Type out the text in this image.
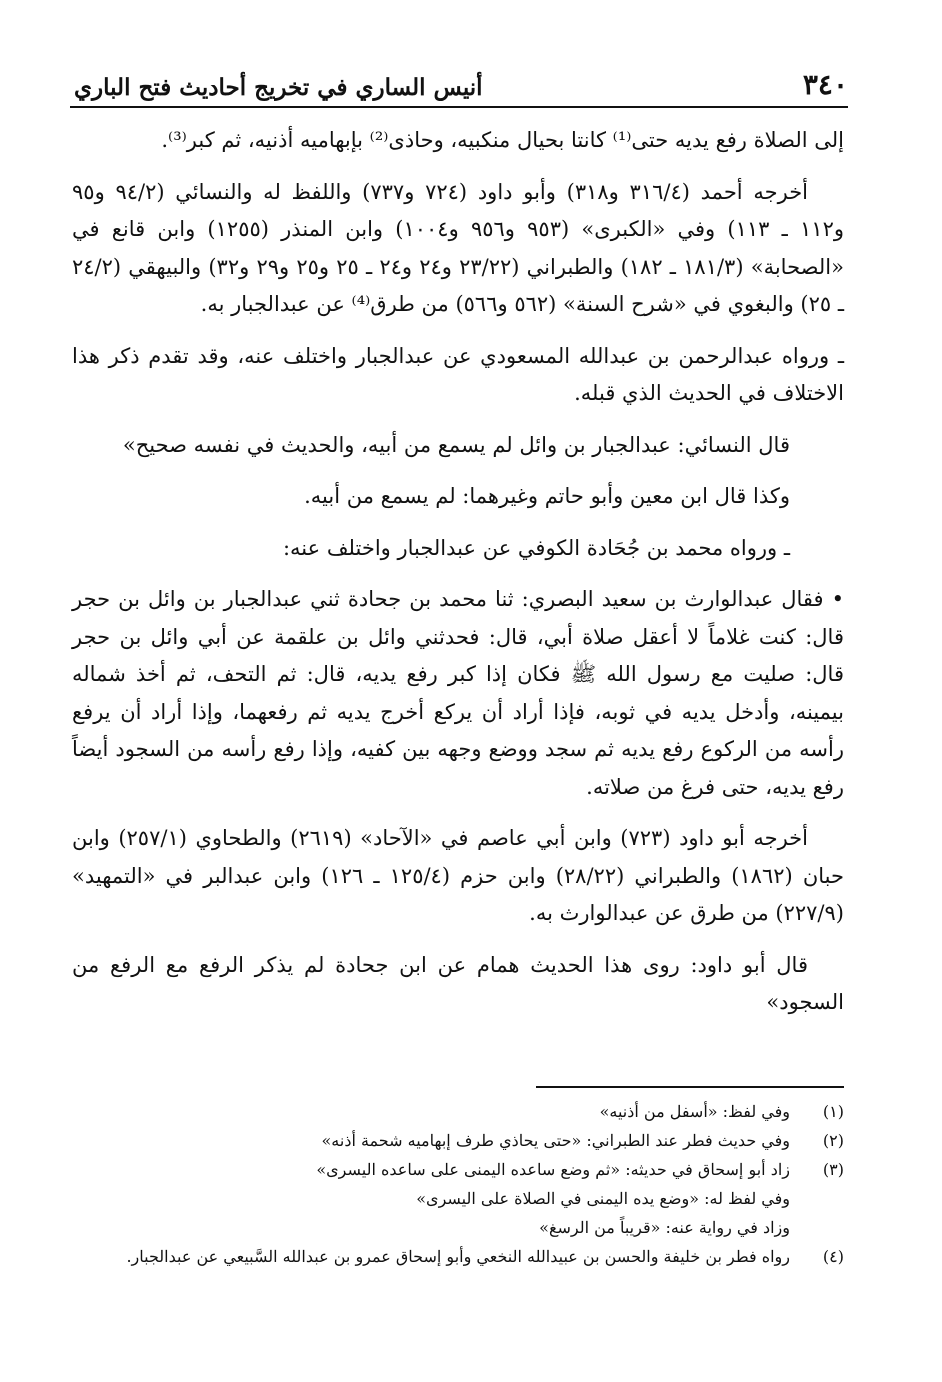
٣٤٠
أنيس الساري في تخريج أحاديث فتح الباري

إلى الصلاة رفع يديه حتى⁽¹⁾ كانتا بحيال منكبيه، وحاذى⁽²⁾ بإبهاميه أذنيه، ثم كبر⁽³⁾.

أخرجه أحمد (٣١٦/٤ و٣١٨) وأبو داود (٧٢٤ و٧٣٧) واللفظ له والنسائي (٩٤/٢ و٩٥ و١١٢ ـ ١١٣) وفي «الكبرى» (٩٥٣ و٩٥٦ و١٠٠٤) وابن المنذر (١٢٥٥) وابن قانع في «الصحابة» (١٨١/٣ ـ ١٨٢) والطبراني (٢٣/٢٢ و٢٤ و٢٤ ـ ٢٥ و٢٥ و٢٩ و٣٢) والبيهقي (٢٤/٢ ـ ٢٥) والبغوي في «شرح السنة» (٥٦٢ و٥٦٦) من طرق⁽⁴⁾ عن عبدالجبار به.

ـ ورواه عبدالرحمن بن عبدالله المسعودي عن عبدالجبار واختلف عنه، وقد تقدم ذكر هذا الاختلاف في الحديث الذي قبله.

قال النسائي: عبدالجبار بن وائل لم يسمع من أبيه، والحديث في نفسه صحيح»

وكذا قال ابن معين وأبو حاتم وغيرهما: لم يسمع من أبيه.

ـ ورواه محمد بن جُحَادة الكوفي عن عبدالجبار واختلف عنه:

• فقال عبدالوارث بن سعيد البصري: ثنا محمد بن جحادة ثني عبدالجبار بن وائل بن حجر قال: كنت غلاماً لا أعقل صلاة أبي، قال: فحدثني وائل بن علقمة عن أبي وائل بن حجر قال: صليت مع رسول الله ﷺ فكان إذا كبر رفع يديه، قال: ثم التحف، ثم أخذ شماله بيمينه، وأدخل يديه في ثوبه، فإذا أراد أن يركع أخرج يديه ثم رفعهما، وإذا أراد أن يرفع رأسه من الركوع رفع يديه ثم سجد ووضع وجهه بين كفيه، وإذا رفع رأسه من السجود أيضاً رفع يديه، حتى فرغ من صلاته.

أخرجه أبو داود (٧٢٣) وابن أبي عاصم في «الآحاد» (٢٦١٩) والطحاوي (٢٥٧/١) وابن حبان (١٨٦٢) والطبراني (٢٨/٢٢) وابن حزم (١٢٥/٤ ـ ١٢٦) وابن عبدالبر في «التمهيد» (٢٢٧/٩) من طرق عن عبدالوارث به.

قال أبو داود: روى هذا الحديث همام عن ابن جحادة لم يذكر الرفع مع الرفع من السجود»

(١)
وفي لفظ: «أسفل من أذنيه»
(٢)
وفي حديث فطر عند الطبراني: «حتى يحاذي طرف إبهاميه شحمة أذنه»
(٣)
زاد أبو إسحاق في حديثه: «ثم وضع ساعده اليمنى على ساعده اليسرى»
وفي لفظ له: «وضع يده اليمنى في الصلاة على اليسرى»
وزاد في رواية عنه: «قريباً من الرسغ»
(٤)
رواه فطر بن خليفة والحسن بن عبيدالله النخعي وأبو إسحاق عمرو بن عبدالله السَّبيعي عن عبدالجبار.
